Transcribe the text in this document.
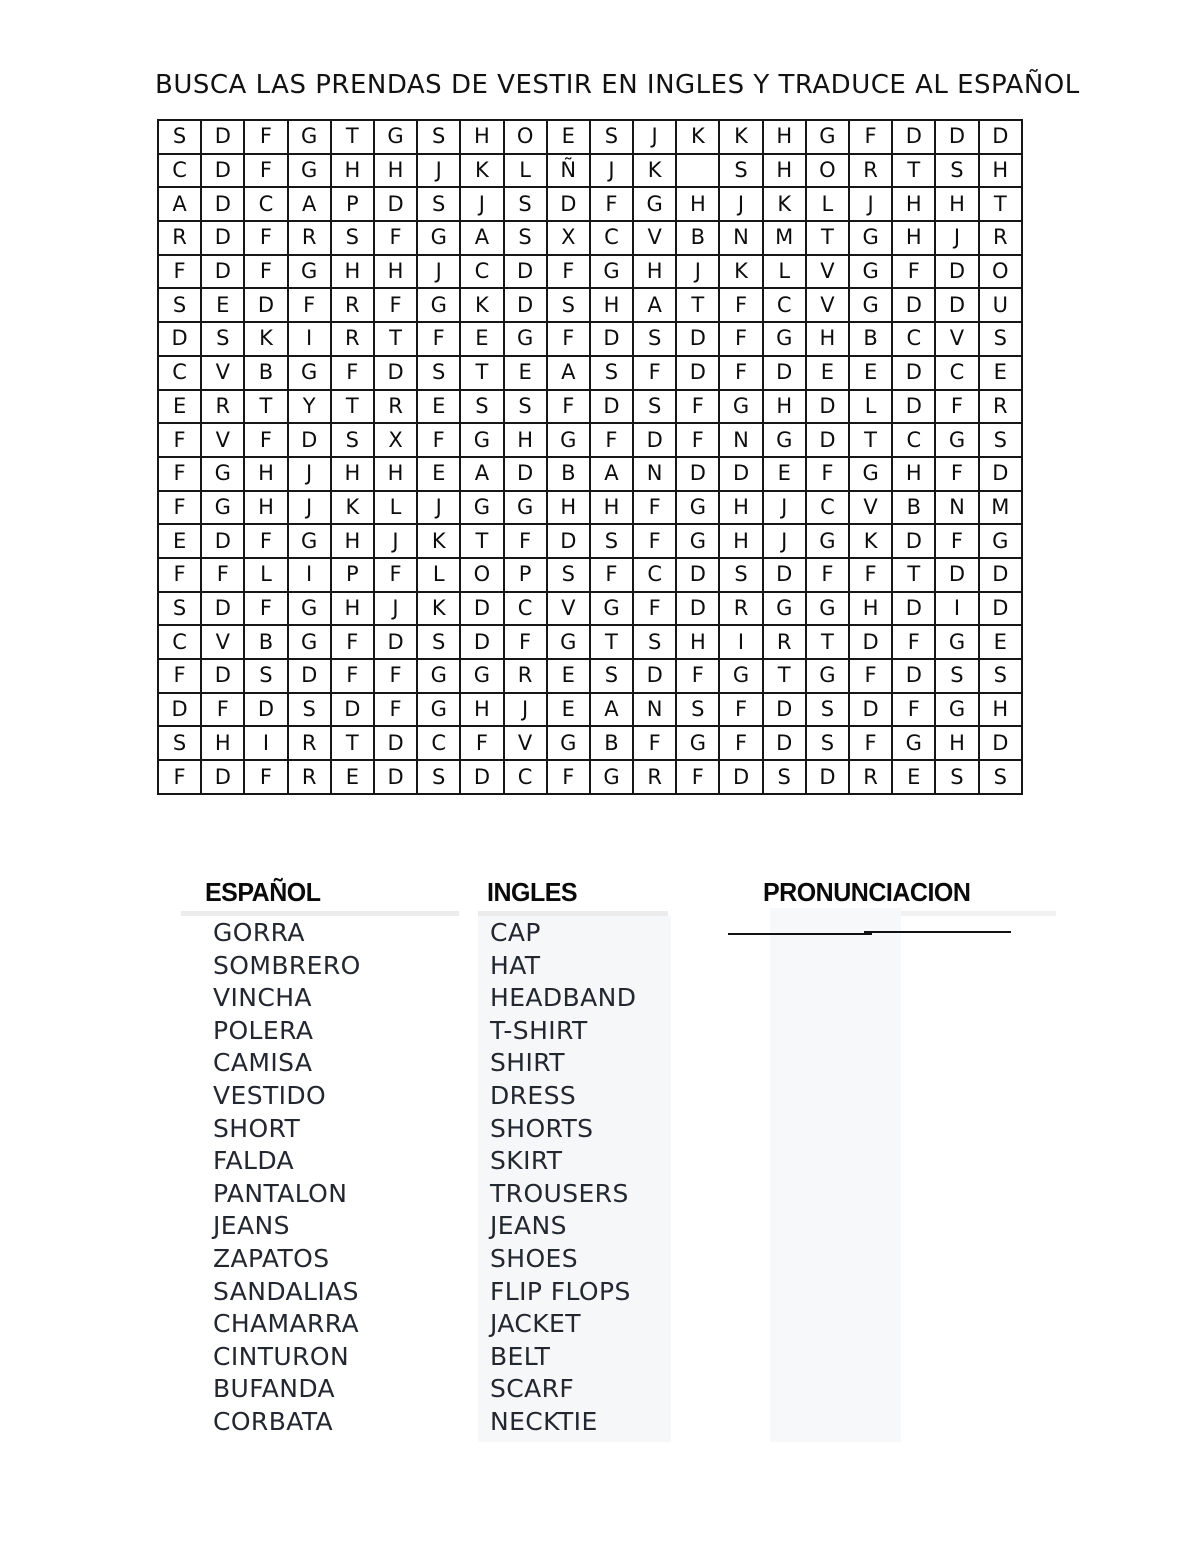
BUSCA LAS PRENDAS DE VESTIR EN INGLES Y TRADUCE AL ESPAÑOL
S	D	F	G	T	G	S	H	O	E	S	J	K	K	H	G	F	D	D	D
C	D	F	G	H	H	J	K	L	Ñ	J	K		S	H	O	R	T	S	H
A	D	C	A	P	D	S	J	S	D	F	G	H	J	K	L	J	H	H	T
R	D	F	R	S	F	G	A	S	X	C	V	B	N	M	T	G	H	J	R
F	D	F	G	H	H	J	C	D	F	G	H	J	K	L	V	G	F	D	O
S	E	D	F	R	F	G	K	D	S	H	A	T	F	C	V	G	D	D	U
D	S	K	I	R	T	F	E	G	F	D	S	D	F	G	H	B	C	V	S
C	V	B	G	F	D	S	T	E	A	S	F	D	F	D	E	E	D	C	E
E	R	T	Y	T	R	E	S	S	F	D	S	F	G	H	D	L	D	F	R
F	V	F	D	S	X	F	G	H	G	F	D	F	N	G	D	T	C	G	S
F	G	H	J	H	H	E	A	D	B	A	N	D	D	E	F	G	H	F	D
F	G	H	J	K	L	J	G	G	H	H	F	G	H	J	C	V	B	N	M
E	D	F	G	H	J	K	T	F	D	S	F	G	H	J	G	K	D	F	G
F	F	L	I	P	F	L	O	P	S	F	C	D	S	D	F	F	T	D	D
S	D	F	G	H	J	K	D	C	V	G	F	D	R	G	G	H	D	I	D
C	V	B	G	F	D	S	D	F	G	T	S	H	I	R	T	D	F	G	E
F	D	S	D	F	F	G	G	R	E	S	D	F	G	T	G	F	D	S	S
D	F	D	S	D	F	G	H	J	E	A	N	S	F	D	S	D	F	G	H
S	H	I	R	T	D	C	F	V	G	B	F	G	F	D	S	F	G	H	D
F	D	F	R	E	D	S	D	C	F	G	R	F	D	S	D	R	E	S	S
ESPAÑOL	INGLES	PRONUNCIACION
GORRA	CAP
SOMBRERO	HAT
VINCHA	HEADBAND
POLERA	T-SHIRT
CAMISA	SHIRT
VESTIDO	DRESS
SHORT	SHORTS
FALDA	SKIRT
PANTALON	TROUSERS
JEANS	JEANS
ZAPATOS	SHOES
SANDALIAS	FLIP FLOPS
CHAMARRA	JACKET
CINTURON	BELT
BUFANDA	SCARF
CORBATA	NECKTIE
